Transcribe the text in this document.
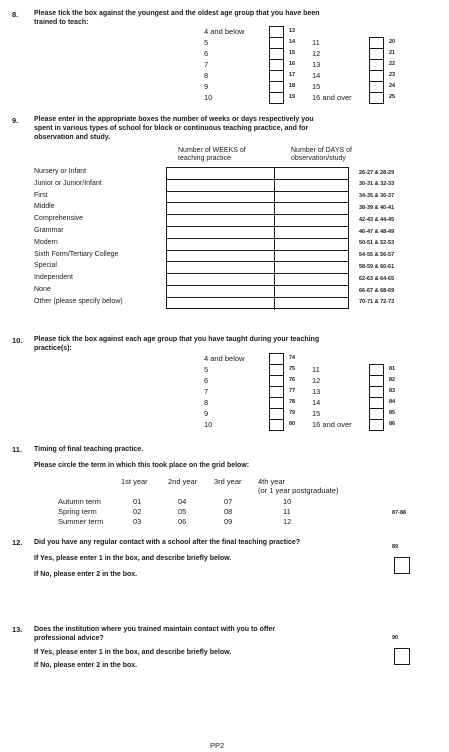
8. Please tick the box against the youngest and the oldest age group that you have been
trained to teach:
4 and below	13
5	14
6	15
7	16
8	17
9	18
10	19
11	20
12	21
13	22
14	23
15	24
16 and over	25
9. Please enter in the appropriate boxes the number of weeks or days respectively you
spent in various types of school for block or continuous teaching practice, and for
observation and study.
Number of WEEKS of
teaching practice
Number of DAYS of
observation/study
Nursery or Infant	26-27 & 28-29
Junior or Junior/Infant	30-31 & 32-33
First	34-35 & 36-37
Middle	38-39 & 40-41
Comprehensive	42-43 & 44-45
Grammar	46-47 & 48-49
Modern	50-51 & 52-53
Sixth Form/Tertiary College	54-55 & 56-57
Special	58-59 & 60-61
Independent	62-63 & 64-65
None	66-67 & 68-69
Other (please specify below)	70-71 & 72-73
10. Please tick the box against each age group that you have taught during your teaching
practice(s):
4 and below	74
5	75
6	76
7	77
8	78
9	79
10	80
11	81
12	82
13	83
14	84
15	85
16 and over	86
11. Timing of final teaching practice.
Please circle the term in which this took place on the grid below:
1st year	2nd year 3rd year 4th year
(or 1 year postgraduate)
Autumn term	01	04	07	10
Spring term	02	05	08	11
Summer term	03	06	09	12
87-88
12. Did you have any regular contact with a school after the final teaching practice?
If Yes, please enter 1 in the box, and describe briefly below.
If No, please enter 2 in the box.
89
13. Does the institution where you trained maintain contact with you to offer
professional advice?
If Yes, please enter 1 in the box, and describe briefly below.
If No, please enter 2 in the box.
90
PP2
